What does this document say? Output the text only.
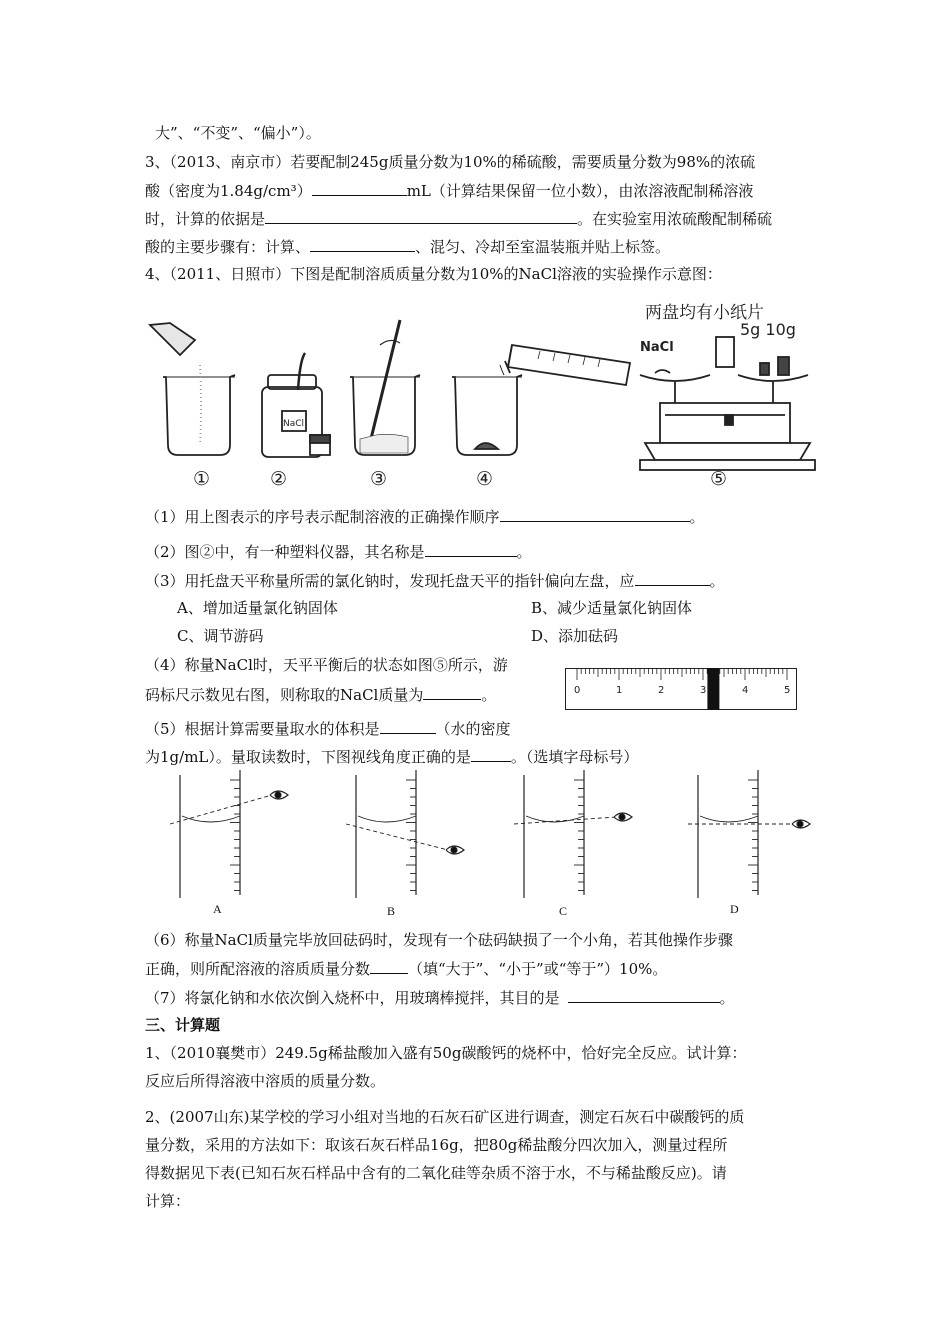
大”、“不变”、“偏小”）。
3、（2013、南京市）若要配制245g质量分数为10%的稀硫酸，需要质量分数为98%的浓硫
酸（密度为1.84g/cm³）	mL（计算结果保留一位小数），由浓溶液配制稀溶液
时，计算的依据是	。在实验室用浓硫酸配制稀硫
酸的主要步骤有：计算、	、混匀、冷却至室温装瓶并贴上标签。
4、（2011、日照市）下图是配制溶质质量分数为10%的NaCl溶液的实验操作示意图：
两盘均有小纸片
5g 10g
NaCl
NaCl
①	②	③	④	⑤
（1）用上图表示的序号表示配制溶液的正确操作顺序	。
（2）图②中，有一种塑料仪器，其名称是	。
（3）用托盘天平称量所需的氯化钠时，发现托盘天平的指针偏向左盘，应	。
A、增加适量氯化钠固体	B、减少适量氯化钠固体
C、调节游码	D、添加砝码
（4）称量NaCl时，天平平衡后的状态如图⑤所示，游
码标尺示数见右图，则称取的NaCl质量为	。	0	1	2	3	4	5
（5）根据计算需要量取水的体积是	（水的密度
为1g/mL）。量取读数时，下图视线角度正确的是	。（选填字母标号）
A	B	C	D
（6）称量NaCl质量完毕放回砝码时，发现有一个砝码缺损了一个小角，若其他操作步骤
正确，则所配溶液的溶质质量分数	（填“大于”、“小于”或“等于”）10%。
（7）将氯化钠和水依次倒入烧杯中，用玻璃棒搅拌，其目的是	。
三、计算题
1、（2010襄樊市）249.5g稀盐酸加入盛有50g碳酸钙的烧杯中，恰好完全反应。试计算：
反应后所得溶液中溶质的质量分数。
2、(2007山东)某学校的学习小组对当地的石灰石矿区进行调查，测定石灰石中碳酸钙的质
量分数，采用的方法如下：取该石灰石样品16g，把80g稀盐酸分四次加入，测量过程所
得数据见下表(已知石灰石样品中含有的二氧化硅等杂质不溶于水，不与稀盐酸反应)。请
计算：
